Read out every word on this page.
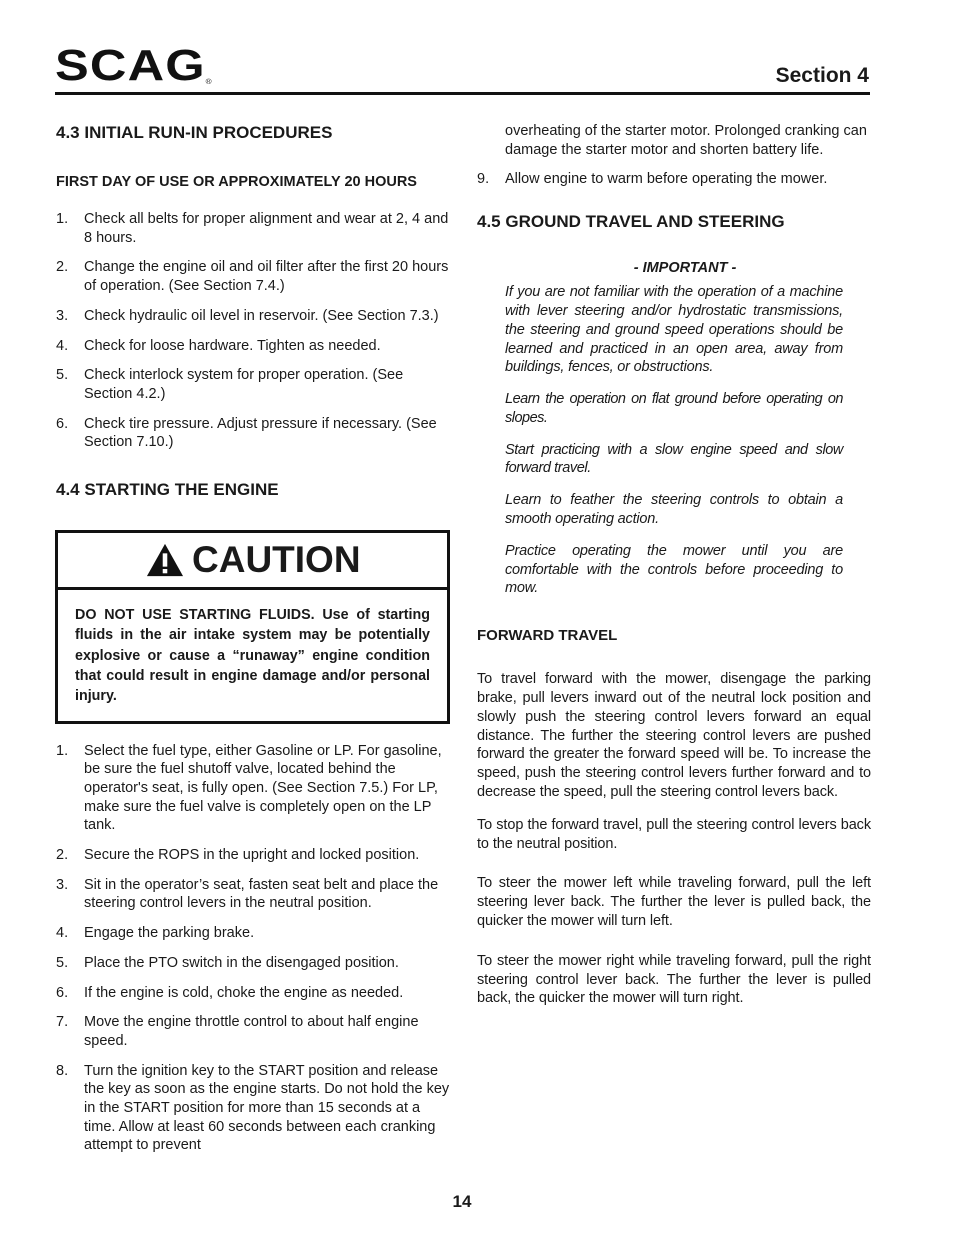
SCAG ®	Section 4
4.3 INITIAL RUN-IN PROCEDURES
FIRST DAY OF USE OR APPROXIMATELY 20 HOURS
1. Check all belts for proper alignment and wear at 2, 4 and 8 hours.
2. Change the engine oil and oil filter after the first 20 hours of operation. (See Section 7.4.)
3. Check hydraulic oil level in reservoir. (See Section 7.3.)
4. Check for loose hardware. Tighten as needed.
5. Check interlock system for proper operation. (See Section 4.2.)
6. Check tire pressure. Adjust pressure if necessary. (See Section 7.10.)
4.4 STARTING THE ENGINE
CAUTION
DO NOT USE STARTING FLUIDS. Use of starting fluids in the air intake system may be potentially explosive or cause a “runaway” engine condition that could result in engine damage and/or personal injury.
1. Select the fuel type, either Gasoline or LP. For gasoline, be sure the fuel shutoff valve, located behind the operator's seat, is fully open. (See Section 7.5.) For LP, make sure the fuel valve is completely open on the LP tank.
2. Secure the ROPS in the upright and locked position.
3. Sit in the operator’s seat, fasten seat belt and place the steering control levers in the neutral position.
4. Engage the parking brake.
5. Place the PTO switch in the disengaged position.
6. If the engine is cold, choke the engine as needed.
7. Move the engine throttle control to about half engine speed.
8. Turn the ignition key to the START position and release the key as soon as the engine starts. Do not hold the key in the START position for more than 15 seconds at a time. Allow at least 60 seconds between each cranking attempt to prevent

overheating of the starter motor. Prolonged cranking can damage the starter motor and shorten battery life.

9. Allow engine to warm before operating the mower.
4.5 GROUND TRAVEL AND STEERING
- IMPORTANT -

If you are not familiar with the operation of a machine with lever steering and/or hydrostatic transmissions, the steering and ground speed operations should be learned and practiced in an open area, away from buildings, fences, or obstructions.

Learn the operation on flat ground before operating on slopes.

Start practicing with a slow engine speed and slow forward travel.

Learn to feather the steering controls to obtain a smooth operating action.

Practice operating the mower until you are comfortable with the controls before proceeding to mow.

FORWARD TRAVEL

To travel forward with the mower, disengage the parking brake, pull levers inward out of the neutral lock position and slowly push the steering control levers forward an equal distance. The further the steering control levers are pushed forward the greater the forward speed will be. To increase the speed, push the steering control levers further forward and to decrease the speed, pull the steering control levers back.

To stop the forward travel, pull the steering control levers back to the neutral position.

To steer the mower left while traveling forward, pull the left steering lever back. The further the lever is pulled back, the quicker the mower will turn left.

To steer the mower right while traveling forward, pull the right steering control lever back. The further the lever is pulled back, the quicker the mower will turn right.

14
